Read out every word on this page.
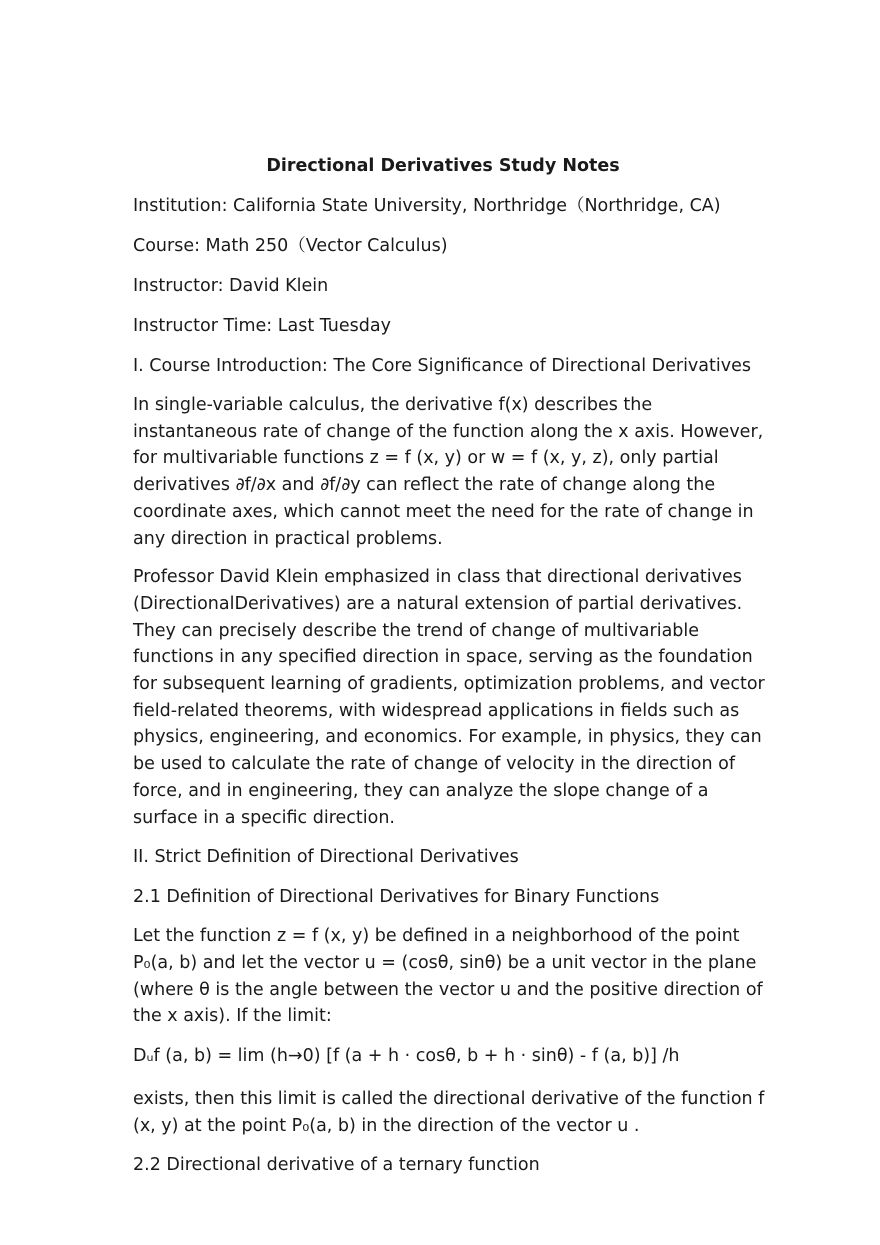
Directional Derivatives Study Notes
Institution: California State University, Northridge（Northridge, CA)
Course: Math 250（Vector Calculus)
Instructor: David Klein
Instructor Time: Last Tuesday
I. Course Introduction: The Core Significance of Directional Derivatives
In single-variable calculus, the derivative f(x) describes the
instantaneous rate of change of the function along the x axis. However,
for multivariable functions z = f (x, y) or w = f (x, y, z), only partial
derivatives ∂f/∂x and ∂f/∂y can reflect the rate of change along the
coordinate axes, which cannot meet the need for the rate of change in
any direction in practical problems.
Professor David Klein emphasized in class that directional derivatives
(DirectionalDerivatives) are a natural extension of partial derivatives.
They can precisely describe the trend of change of multivariable
functions in any specified direction in space, serving as the foundation
for subsequent learning of gradients, optimization problems, and vector
field-related theorems, with widespread applications in fields such as
physics, engineering, and economics. For example, in physics, they can
be used to calculate the rate of change of velocity in the direction of
force, and in engineering, they can analyze the slope change of a
surface in a specific direction.
II. Strict Definition of Directional Derivatives
2.1 Definition of Directional Derivatives for Binary Functions
Let the function z = f (x, y) be defined in a neighborhood of the point
P₀(a, b) and let the vector u = (cosθ, sinθ) be a unit vector in the plane
(where θ is the angle between the vector u and the positive direction of
the x axis). If the limit:
Dᵤf (a, b) = lim (h→0) [f (a + h · cosθ, b + h · sinθ) - f (a, b)] /h
exists, then this limit is called the directional derivative of the function f
(x, y) at the point P₀(a, b) in the direction of the vector u .
2.2 Directional derivative of a ternary function
